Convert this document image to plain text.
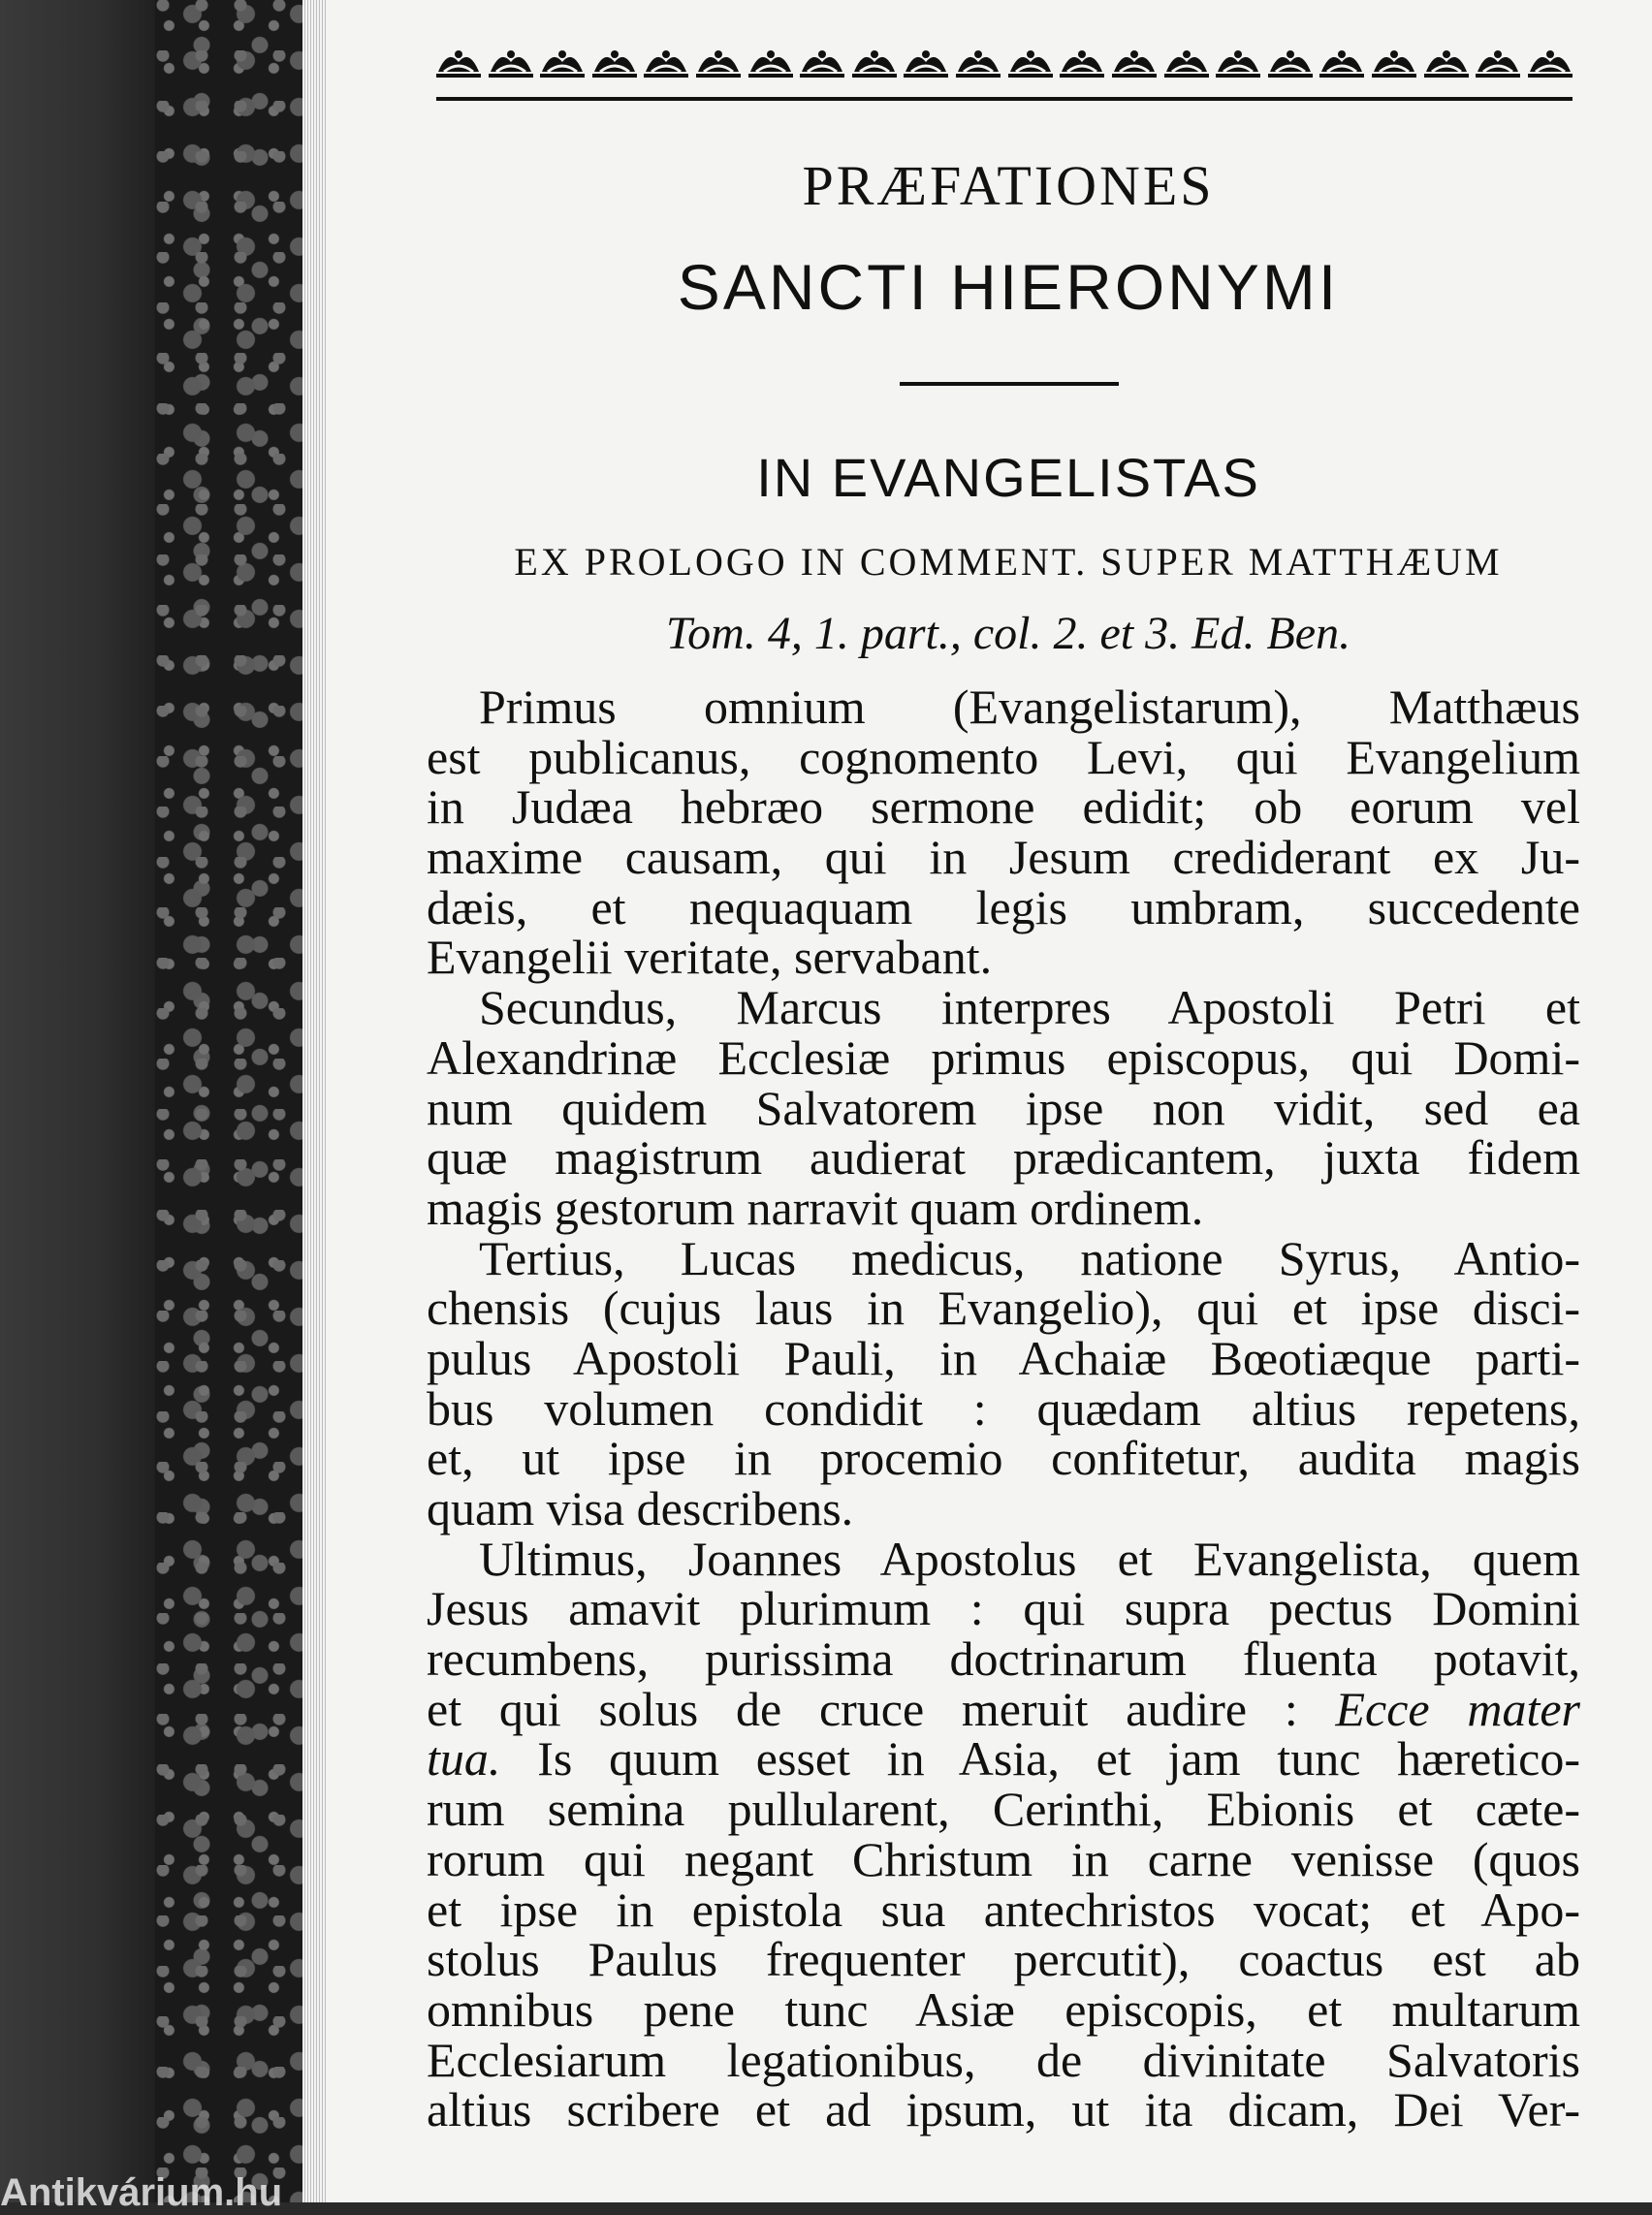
PRÆFATIONES
SANCTI HIERONYMI
IN EVANGELISTAS
EX PROLOGO IN COMMENT. SUPER MATTHÆUM
Tom. 4, 1. part., col. 2. et 3. Ed. Ben.
Primus omnium (Evangelistarum), Matthæus
est publicanus, cognomento Levi, qui Evangelium
in Judæa hebræo sermone edidit; ob eorum vel
maxime causam, qui in Jesum crediderant ex Ju-
dæis, et nequaquam legis umbram, succedente
Evangelii veritate, servabant.
Secundus, Marcus interpres Apostoli Petri et
Alexandrinæ Ecclesiæ primus episcopus, qui Domi-
num quidem Salvatorem ipse non vidit, sed ea
quæ magistrum audierat prædicantem, juxta fidem
magis gestorum narravit quam ordinem.
Tertius, Lucas medicus, natione Syrus, Antio-
chensis (cujus laus in Evangelio), qui et ipse disci-
pulus Apostoli Pauli, in Achaiæ Bœotiæque parti-
bus volumen condidit : quædam altius repetens,
et, ut ipse in procemio confitetur, audita magis
quam visa describens.
Ultimus, Joannes Apostolus et Evangelista, quem
Jesus amavit plurimum : qui supra pectus Domini
recumbens, purissima doctrinarum fluenta potavit,
et qui solus de cruce meruit audire : Ecce mater
tua. Is quum esset in Asia, et jam tunc hæretico-
rum semina pullularent, Cerinthi, Ebionis et cæte-
rorum qui negant Christum in carne venisse (quos
et ipse in epistola sua antechristos vocat; et Apo-
stolus Paulus frequenter percutit), coactus est ab
omnibus pene tunc Asiæ episcopis, et multarum
Ecclesiarum legationibus, de divinitate Salvatoris
altius scribere et ad ipsum, ut ita dicam, Dei Ver-
Antikvárium.hu
